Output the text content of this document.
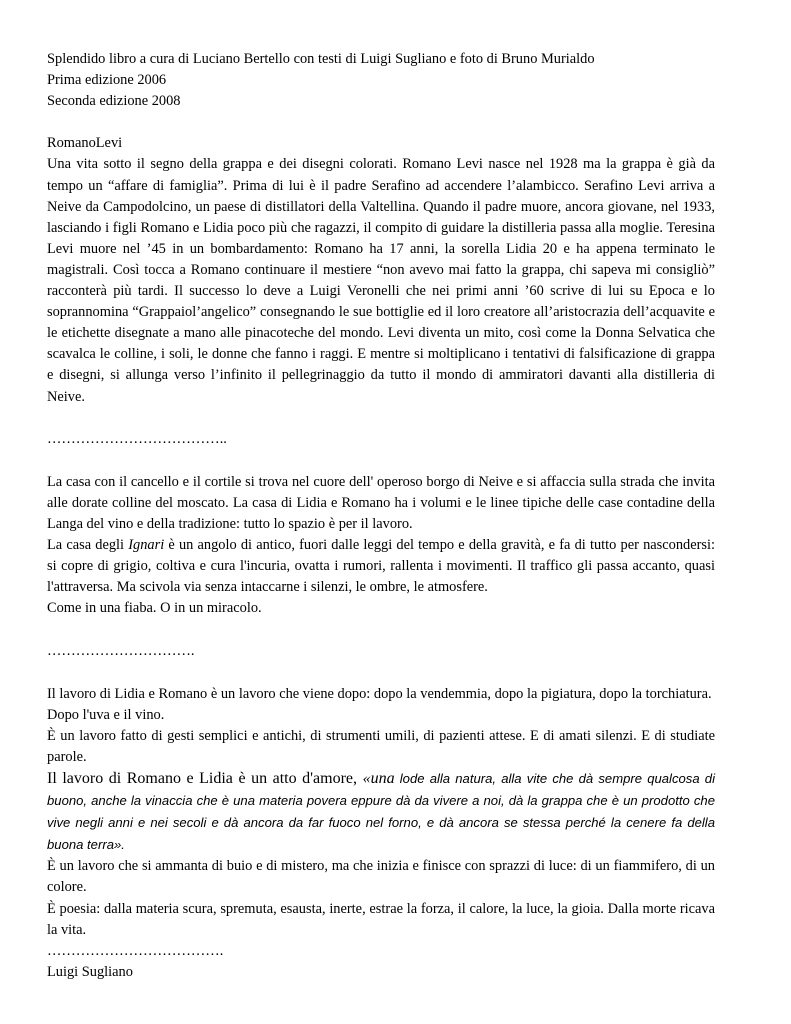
Splendido libro a cura di Luciano Bertello con testi di Luigi Sugliano e foto di Bruno Murialdo

Prima edizione 2006

Seconda edizione 2008

RomanoLevi

Una vita sotto il segno della grappa e dei disegni colorati. Romano Levi nasce nel 1928 ma la grappa è già da tempo un “affare di famiglia”. Prima di lui è il padre Serafino ad accendere l’alambicco. Serafino Levi arriva a Neive da Campodolcino, un paese di distillatori della Valtellina. Quando il padre muore, ancora giovane, nel 1933, lasciando i figli Romano e Lidia poco più che ragazzi, il compito di guidare la distilleria passa alla moglie. Teresina Levi muore nel ’45 in un bombardamento: Romano ha 17 anni, la sorella Lidia 20 e ha appena terminato le magistrali. Così tocca a Romano continuare il mestiere “non avevo mai fatto la grappa, chi sapeva mi consigliò” racconterà più tardi. Il successo lo deve a Luigi Veronelli che nei primi anni ’60 scrive di lui su Epoca e lo soprannomina “Grappaiol’angelico” consegnando le sue bottiglie ed il loro creatore all’aristocrazia dell’acquavite e le etichette disegnate a mano alle pinacoteche del mondo. Levi diventa un mito, così come la Donna Selvatica che scavalca le colline, i soli, le donne che fanno i raggi. E mentre si moltiplicano i tentativi di falsificazione di grappa e disegni, si allunga verso l’infinito il pellegrinaggio da tutto il mondo di ammiratori davanti alla distilleria di Neive.

………………………………..

La casa con il cancello e il cortile si trova nel cuore dell' operoso borgo di Neive e si affaccia sulla strada che invita alle dorate colline del moscato. La casa di Lidia e Romano ha i volumi e le linee tipiche delle case contadine della Langa del vino e della tradizione: tutto lo spazio è per il lavoro.

La casa degli Ignari è un angolo di antico, fuori dalle leggi del tempo e della gravità, e fa di tutto per nascondersi: si copre di grigio, coltiva e cura l'incuria, ovatta i rumori, rallenta i movimenti. Il traffico gli passa accanto, quasi l'attraversa. Ma scivola via senza intaccarne i silenzi, le ombre, le atmosfere.

Come in una fiaba. O in un miracolo.

………………………….

Il lavoro di Lidia e Romano è un lavoro che viene dopo: dopo la vendemmia, dopo la pigiatura, dopo la torchiatura.

Dopo l'uva e il vino.

È un lavoro fatto di gesti semplici e antichi, di strumenti umili, di pazienti attese. E di amati silenzi. E di studiate parole.

Il lavoro di Romano e Lidia è un atto d'amore, «una lode alla natura, alla vite che dà sempre qualcosa di buono, anche la vinaccia che è una materia povera eppure dà da vivere a noi, dà la grappa che è un prodotto che vive negli anni e nei secoli e dà ancora da far fuoco nel forno, e dà ancora se stessa perché la cenere fa della buona terra».

È un lavoro che si ammanta di buio e di mistero, ma che inizia e finisce con sprazzi di luce: di un fiammifero, di un colore.

È poesia: dalla materia scura, spremuta, esausta, inerte, estrae la forza, il calore, la luce, la gioia. Dalla morte ricava la vita.

……………………………….

Luigi Sugliano
